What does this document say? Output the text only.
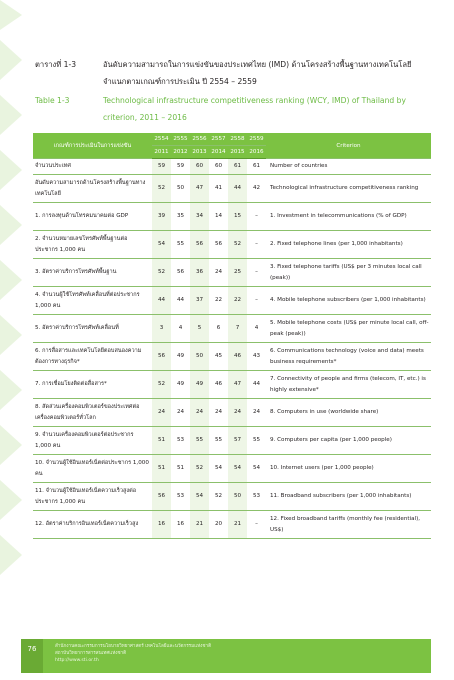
ตารางที่ 1-3	อันดับความสามารถในการแข่งขันของประเทศไทย (IMD) ด้านโครงสร้างพื้นฐานทางเทคโนโลยี จำแนกตามเกณฑ์การประเมิน ปี 2554 – 2559
Table 1-3	Technological infrastructure competitiveness ranking (WCY, IMD) of Thailand by criterion, 2011 – 2016
เกณฑ์การประเมินในการแข่งขัน	2554	2555	2556	2557	2558	2559	Criterion
	2011	2012	2013	2014	2015	2016	
จำนวนประเทศ	59	59	60	60	61	61	Number of countries
อันดับความสามารถด้านโครงสร้างพื้นฐานทางเทคโนโลยี	52	50	47	41	44	42	Technological infrastructure competitiveness ranking
1. การลงทุนด้านโทรคมนาคมต่อ GDP	39	35	34	14	15	–	1. Investment in telecommunications (% of GDP)
2. จำนวนหมายเลขโทรศัพท์พื้นฐานต่อประชากร 1,000 คน	54	55	56	56	52	–	2. Fixed telephone lines (per 1,000 inhabitants)
3. อัตราค่าบริการโทรศัพท์พื้นฐาน	52	56	36	24	25	–	3. Fixed telephone tariffs (US$ per 3 minutes local call (peak))
4. จำนวนผู้ใช้โทรศัพท์เคลื่อนที่ต่อประชากร 1,000 คน	44	44	37	22	22	–	4. Mobile telephone subscribers (per 1,000 inhabitants)
5. อัตราค่าบริการโทรศัพท์เคลื่อนที่	3	4	5	6	7	4	5. Mobile telephone costs (US$ per minute local call, off-peak (peak))
6. การสื่อสารและเทคโนโลยีตอบสนองความต้องการทางธุรกิจ*	56	49	50	45	46	43	6. Communications technology (voice and data) meets business requirements*
7. การเชื่อมโยงติดต่อสื่อสาร*	52	49	49	46	47	44	7. Connectivity of people and firms (telecom, IT, etc.) is highly extensive*
8. สัดส่วนเครื่องคอมพิวเตอร์ของประเทศต่อเครื่องคอมพิวเตอร์ทั่วโลก	24	24	24	24	24	24	8. Computers in use (worldwide share)
9. จำนวนเครื่องคอมพิวเตอร์ต่อประชากร 1,000 คน	51	53	55	55	57	55	9. Computers per capita (per 1,000 people)
10. จำนวนผู้ใช้อินเทอร์เน็ตต่อประชากร 1,000 คน	51	51	52	54	54	54	10. Internet users (per 1,000 people)
11. จำนวนผู้ใช้อินเทอร์เน็ตความเร็วสูงต่อประชากร 1,000 คน	56	53	54	52	50	53	11. Broadband subscribers (per 1,000 inhabitants)
12. อัตราค่าบริการอินเทอร์เน็ตความเร็วสูง	16	16	21	20	21	–	12. Fixed broadband tariffs (monthly fee (residential), US$)
76	สำนักงานคณะกรรมการนโยบายวิทยาศาสตร์ เทคโนโลยีและนวัตกรรมแห่งชาติ
สถาบันวิทยาการสารสนเทศแห่งชาติ
http://www.sti.or.th
